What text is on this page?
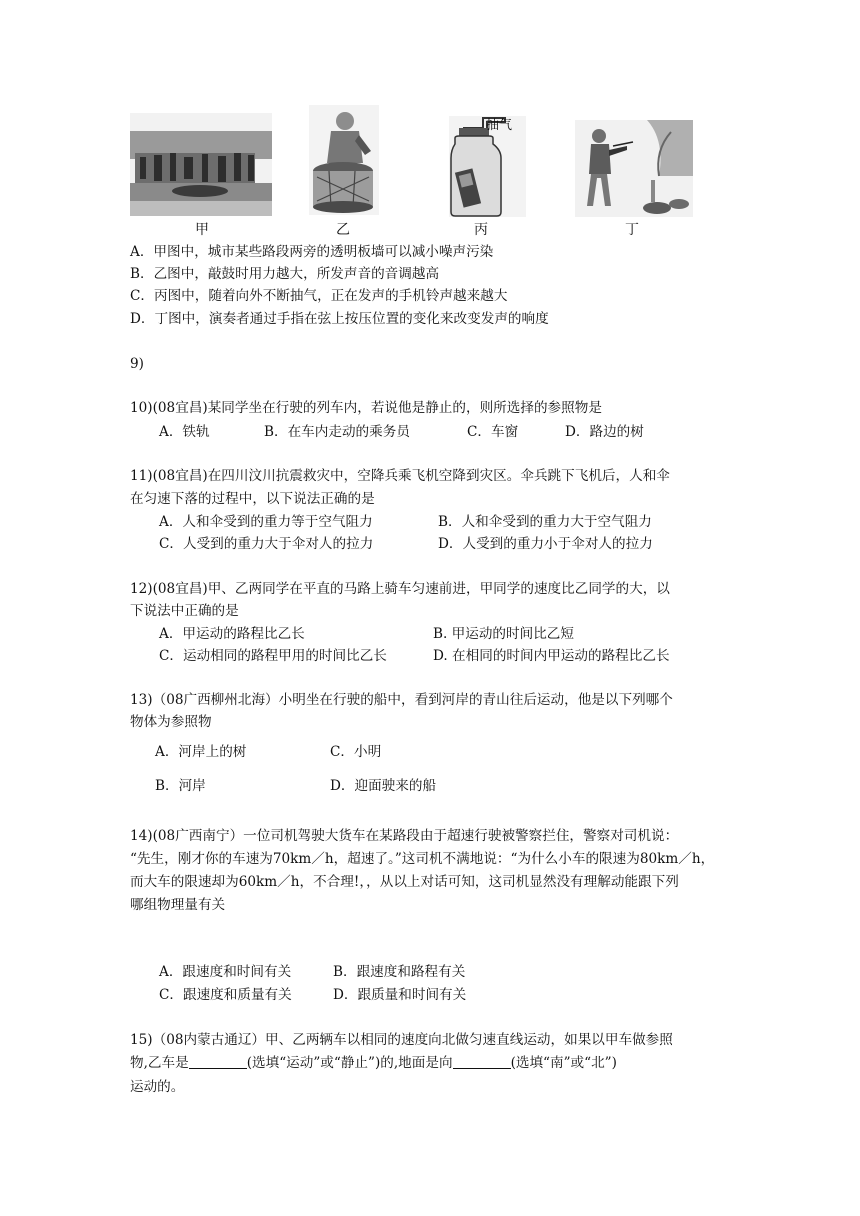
抽气
甲	乙	丙	丁
A．甲图中，城市某些路段两旁的透明板墙可以减小噪声污染
B．乙图中，敲鼓时用力越大，所发声音的音调越高
C．丙图中，随着向外不断抽气，正在发声的手机铃声越来越大
D．丁图中，演奏者通过手指在弦上按压位置的变化来改变发声的响度
9)
10)(08宜昌)某同学坐在行驶的列车内，若说他是静止的，则所选择的参照物是
A．铁轨	B．在车内走动的乘务员	C．车窗	D．路边的树
11)(08宜昌)在四川汶川抗震救灾中，空降兵乘飞机空降到灾区。伞兵跳下飞机后，人和伞
在匀速下落的过程中，以下说法正确的是
A．人和伞受到的重力等于空气阻力	B．人和伞受到的重力大于空气阻力
C．人受到的重力大于伞对人的拉力	D．人受到的重力小于伞对人的拉力
12)(08宜昌)甲、乙两同学在平直的马路上骑车匀速前进，甲同学的速度比乙同学的大，以
下说法中正确的是
A．甲运动的路程比乙长	B. 甲运动的时间比乙短
C．运动相同的路程甲用的时间比乙长	D. 在相同的时间内甲运动的路程比乙长
13)（08广西柳州北海）小明坐在行驶的船中，看到河岸的青山往后运动，他是以下列哪个
物体为参照物
A．河岸上的树	C．小明
B．河岸	D．迎面驶来的船
14)(08广西南宁）一位司机驾驶大货车在某路段由于超速行驶被警察拦住，警察对司机说：
“先生，刚才你的车速为70km／h，超速了。”这司机不满地说：“为什么小车的限速为80km／h，
而大车的限速却为60km／h，不合理!，，从以上对话可知，这司机显然没有理解动能跟下列
哪组物理量有关
A．跟速度和时间有关	B．跟速度和路程有关
C．跟速度和质量有关	D．跟质量和时间有关
15)（08内蒙古通辽）甲、乙两辆车以相同的速度向北做匀速直线运动，如果以甲车做参照
物,乙车是	(选填“运动”或“静止”)的,地面是向	(选填“南”或“北”)
运动的。
